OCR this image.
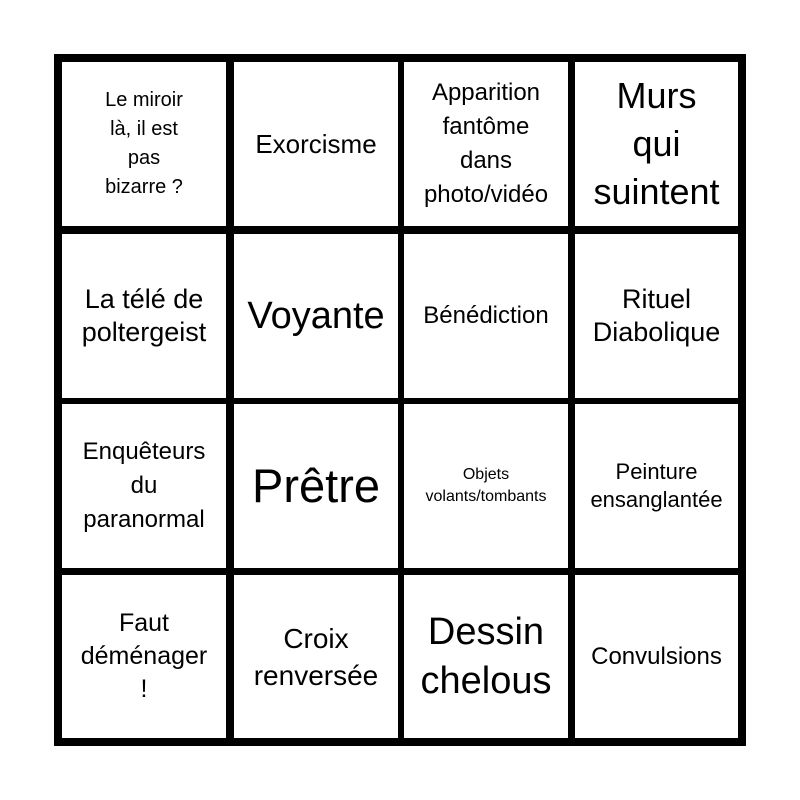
Le miroir
là, il est
pas
bizarre ?
Exorcisme
Apparition
fantôme
dans
photo/vidéo
Murs
qui
suintent
La télé de
poltergeist Voyante Bénédiction
Rituel
Diabolique
Enquêteurs
du
paranormal
Prêtre	Objets
volants/tombants
Peinture
ensanglantée
Faut
déménager
!
Croix
renversée
Dessin
chelous
Convulsions
